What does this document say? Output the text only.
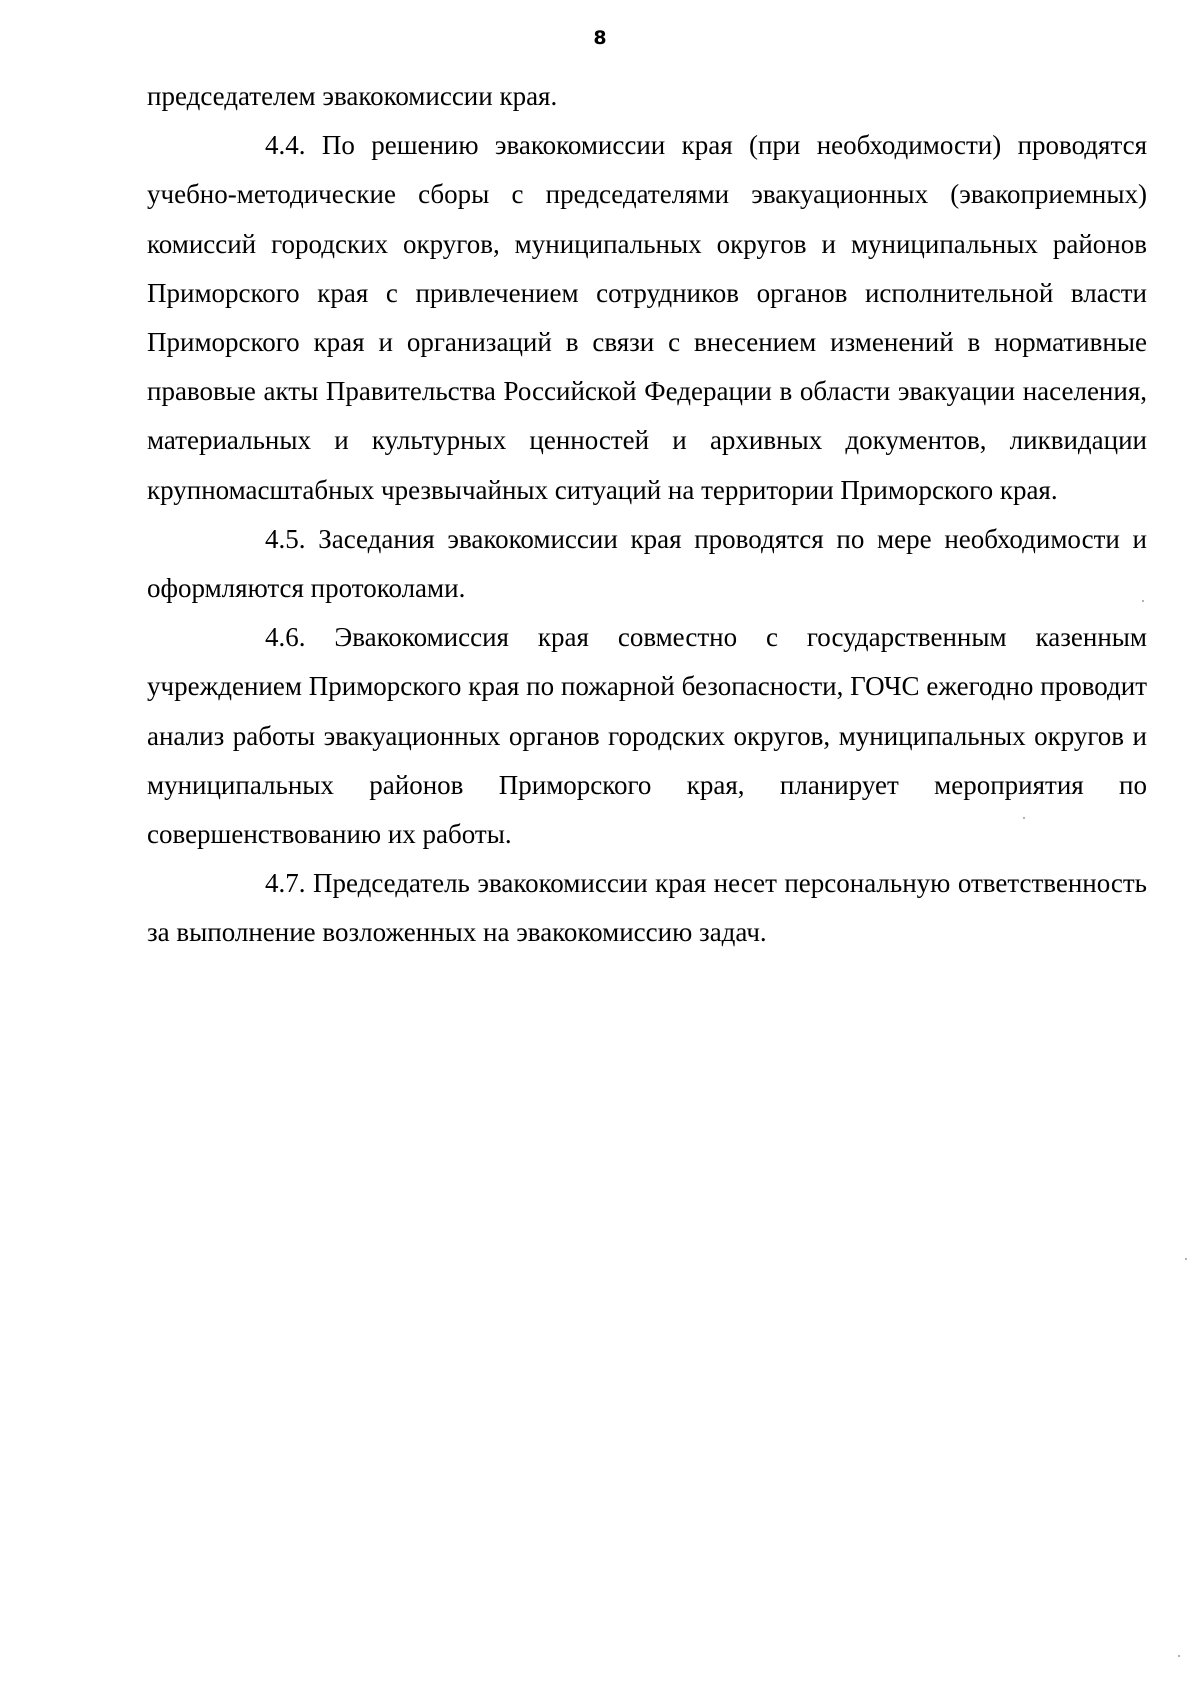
8

председателем эвакокомиссии края.

4.4. По решению эвакокомиссии края (при необходимости) проводятся учебно-методические сборы с председателями эвакуационных (эвакоприемных) комиссий городских округов, муниципальных округов и муниципальных районов Приморского края с привлечением сотрудников органов исполнительной власти Приморского края и организаций в связи с внесением изменений в нормативные правовые акты Правительства Российской Федерации в области эвакуации населения, материальных и культурных ценностей и архивных документов, ликвидации крупномасштабных чрезвычайных ситуаций на территории Приморского края.

4.5. Заседания эвакокомиссии края проводятся по мере необходимости и оформляются протоколами.

4.6. Эвакокомиссия края совместно с государственным казенным учреждением Приморского края по пожарной безопасности, ГОЧС ежегодно проводит анализ работы эвакуационных органов городских округов, муниципальных округов и муниципальных районов Приморского края, планирует мероприятия по совершенствованию их работы.

4.7. Председатель эвакокомиссии края несет персональную ответственность за выполнение возложенных на эвакокомиссию задач.
